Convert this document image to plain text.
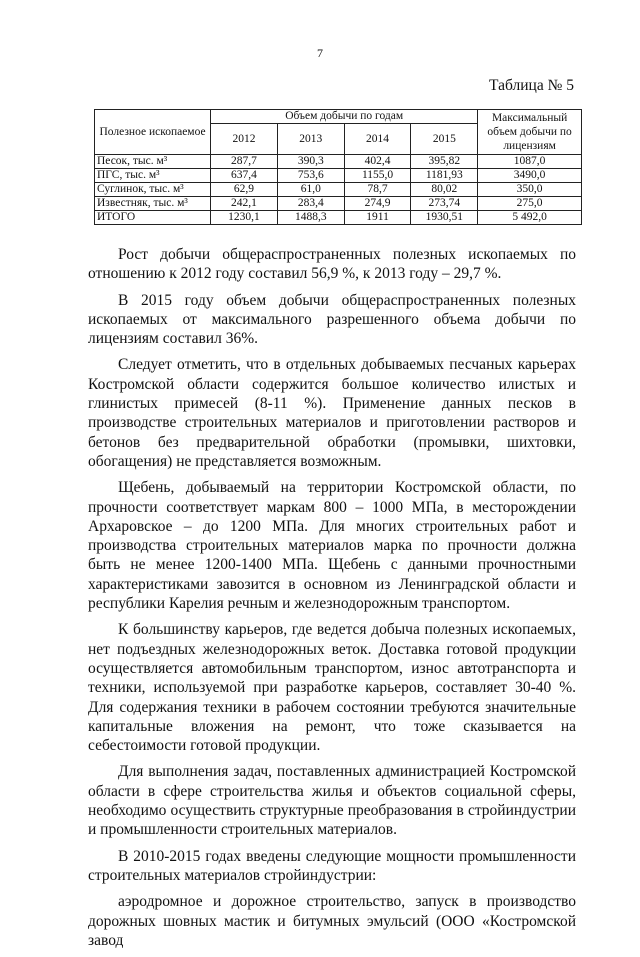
7
Таблица № 5
Полезное ископаемое	Объем добычи по годам				Максимальный объем добычи по лицензиям
	2012	2013	2014	2015	
Песок, тыс. м³	287,7	390,3	402,4	395,82	1087,0
ПГС, тыс. м³	637,4	753,6	1155,0	1181,93	3490,0
Суглинок, тыс. м³	62,9	61,0	78,7	80,02	350,0
Известняк, тыс. м³	242,1	283,4	274,9	273,74	275,0
ИТОГО	1230,1	1488,3	1911	1930,51	5 492,0

Рост добычи общераспространенных полезных ископаемых по отношению к 2012 году составил 56,9 %, к 2013 году – 29,7 %.

В 2015 году объем добычи общераспространенных полезных ископаемых от максимального разрешенного объема добычи по лицензиям составил 36%.

Следует отметить, что в отдельных добываемых песчаных карьерах Костромской области содержится большое количество илистых и глинистых примесей (8-11 %). Применение данных песков в производстве строительных материалов и приготовлении растворов и бетонов без предварительной обработки (промывки, шихтовки, обогащения) не представляется возможным.

Щебень, добываемый на территории Костромской области, по прочности соответствует маркам 800 – 1000 МПа, в месторождении Архаровское – до 1200 МПа. Для многих строительных работ и производства строительных материалов марка по прочности должна быть не менее 1200-1400 МПа. Щебень с данными прочностными характеристиками завозится в основном из Ленинградской области и республики Карелия речным и железнодорожным транспортом.

К большинству карьеров, где ведется добыча полезных ископаемых, нет подъездных железнодорожных веток. Доставка готовой продукции осуществляется автомобильным транспортом, износ автотранспорта и техники, используемой при разработке карьеров, составляет 30-40 %. Для содержания техники в рабочем состоянии требуются значительные капитальные вложения на ремонт, что тоже сказывается на себестоимости готовой продукции.

Для выполнения задач, поставленных администрацией Костромской области в сфере строительства жилья и объектов социальной сферы, необходимо осуществить структурные преобразования в стройиндустрии и промышленности строительных материалов.

В 2010-2015 годах введены следующие мощности промышленности строительных материалов стройиндустрии:

аэродромное и дорожное строительство, запуск в производство дорожных шовных мастик и битумных эмульсий (ООО «Костромской завод
